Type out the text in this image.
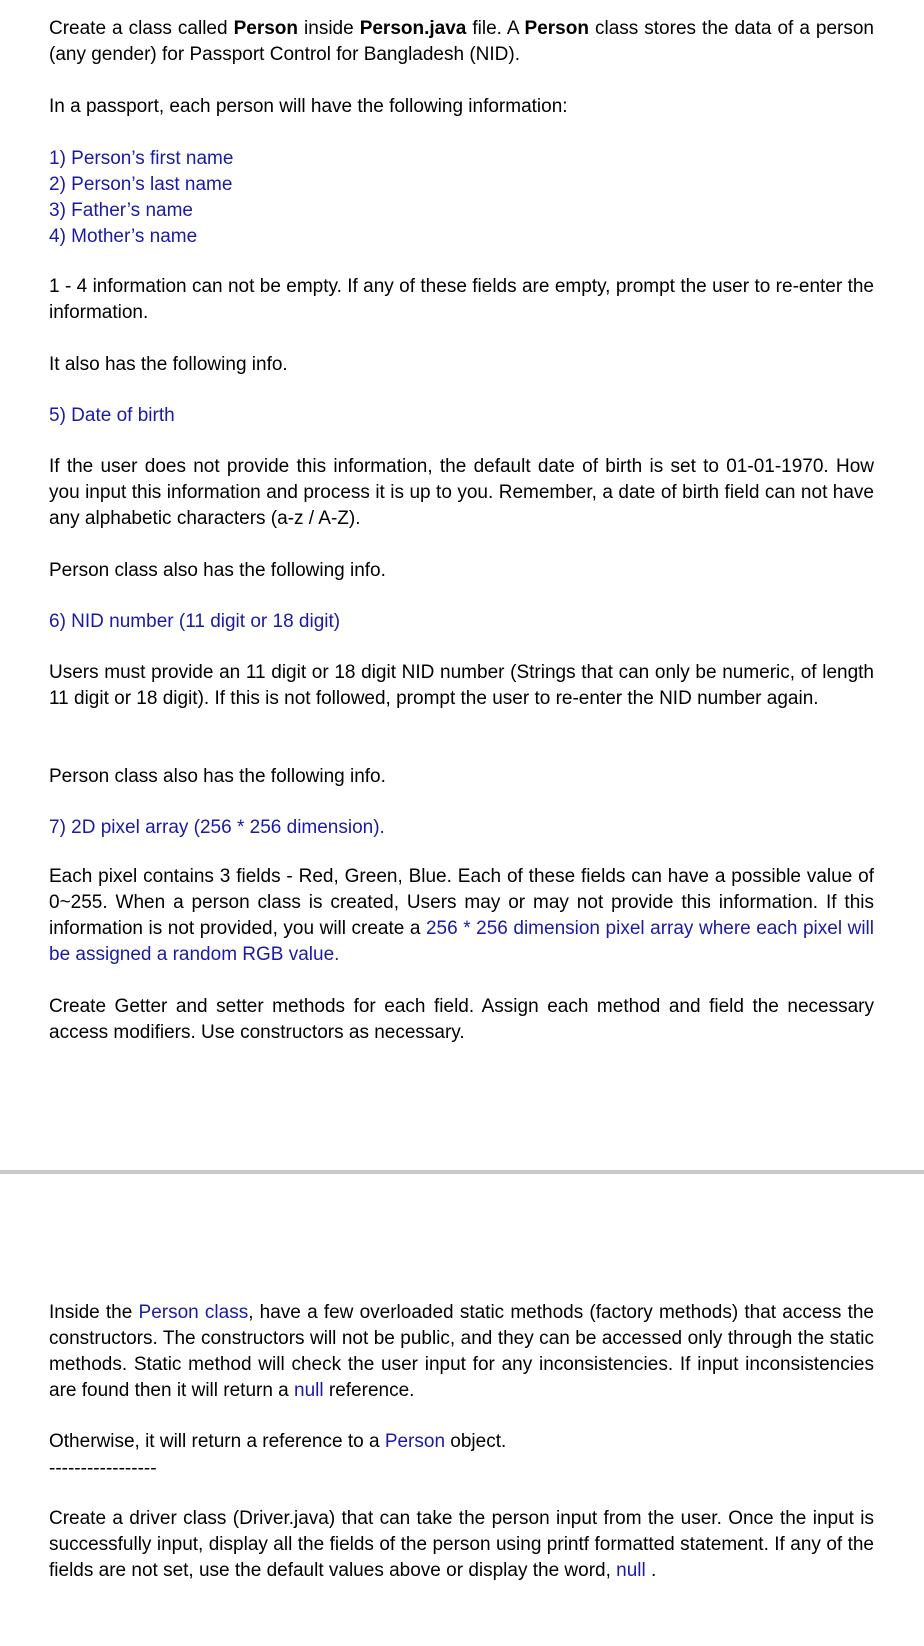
Create a class called Person inside Person.java file. A Person class stores the data of a person (any gender) for Passport Control for Bangladesh (NID).

In a passport, each person will have the following information:

1) Person’s first name
2) Person’s last name
3) Father’s name
4) Mother’s name

1 - 4 information can not be empty. If any of these fields are empty, prompt the user to re-enter the information.

It also has the following info.

5) Date of birth

If the user does not provide this information, the default date of birth is set to 01-01-1970. How you input this information and process it is up to you. Remember, a date of birth field can not have any alphabetic characters (a-z / A-Z).

Person class also has the following info.

6) NID number (11 digit or 18 digit)

Users must provide an 11 digit or 18 digit NID number (Strings that can only be numeric, of length 11 digit or 18 digit). If this is not followed, prompt the user to re-enter the NID number again.

Person class also has the following info.

7) 2D pixel array (256 * 256 dimension).

Each pixel contains 3 fields - Red, Green, Blue. Each of these fields can have a possible value of 0~255. When a person class is created, Users may or may not provide this information. If this information is not provided, you will create a 256 * 256 dimension pixel array where each pixel will be assigned a random RGB value.

Create Getter and setter methods for each field. Assign each method and field the necessary access modifiers. Use constructors as necessary.

Inside the Person class, have a few overloaded static methods (factory methods) that access the constructors. The constructors will not be public, and they can be accessed only through the static methods. Static method will check the user input for any inconsistencies. If input inconsistencies are found then it will return a null reference.

Otherwise, it will return a reference to a Person object.

-----------------

Create a driver class (Driver.java) that can take the person input from the user. Once the input is successfully input, display all the fields of the person using printf formatted statement. If any of the fields are not set, use the default values above or display the word, null .
